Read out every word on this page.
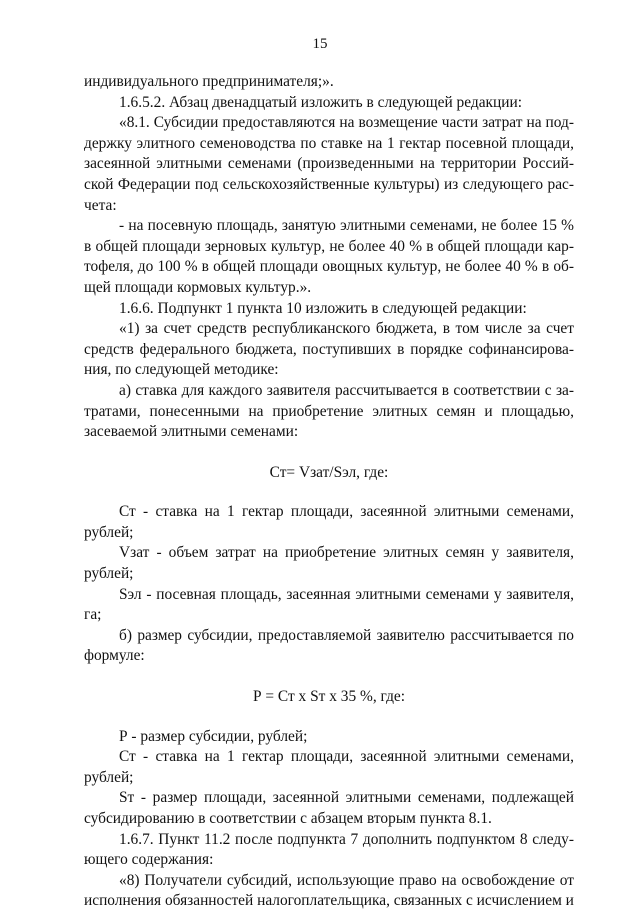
15

индивидуального предпринимателя;».

1.6.5.2. Абзац двенадцатый изложить в следующей редакции:

«8.1. Субсидии предоставляются на возмещение части затрат на поддержку элитного семеноводства по ставке на 1 гектар посевной площади, засеянной элитными семенами (произведенными на территории Российской Федерации под сельскохозяйственные культуры) из следующего расчета:

- на посевную площадь, занятую элитными семенами, не более 15 % в общей площади зерновых культур, не более 40 % в общей площади картофеля, до 100 % в общей площади овощных культур, не более 40 % в общей площади кормовых культур.».

1.6.6. Подпункт 1 пункта 10 изложить в следующей редакции:

«1) за счет средств республиканского бюджета, в том числе за счет средств федерального бюджета, поступивших в порядке софинансирования, по следующей методике:

а) ставка для каждого заявителя рассчитывается в соответствии с затратами, понесенными на приобретение элитных семян и площадью, засеваемой элитными семенами:

Ст= Vзат/Sэл, где:

Ст - ставка на 1 гектар площади, засеянной элитными семенами, рублей;

Vзат - объем затрат на приобретение элитных семян у заявителя, рублей;

Sэл - посевная площадь, засеянная элитными семенами у заявителя, га;

б) размер субсидии, предоставляемой заявителю рассчитывается по формуле:

Р = Ст х Sт х 35 %, где:

Р - размер субсидии, рублей;

Ст - ставка на 1 гектар площади, засеянной элитными семенами, рублей;

Sт - размер площади, засеянной элитными семенами, подлежащей субсидированию в соответствии с абзацем вторым пункта 8.1.

1.6.7. Пункт 11.2 после подпункта 7 дополнить подпунктом 8 следующего содержания:

«8) Получатели субсидий, использующие право на освобождение от исполнения обязанностей налогоплательщика, связанных с исчислением и
